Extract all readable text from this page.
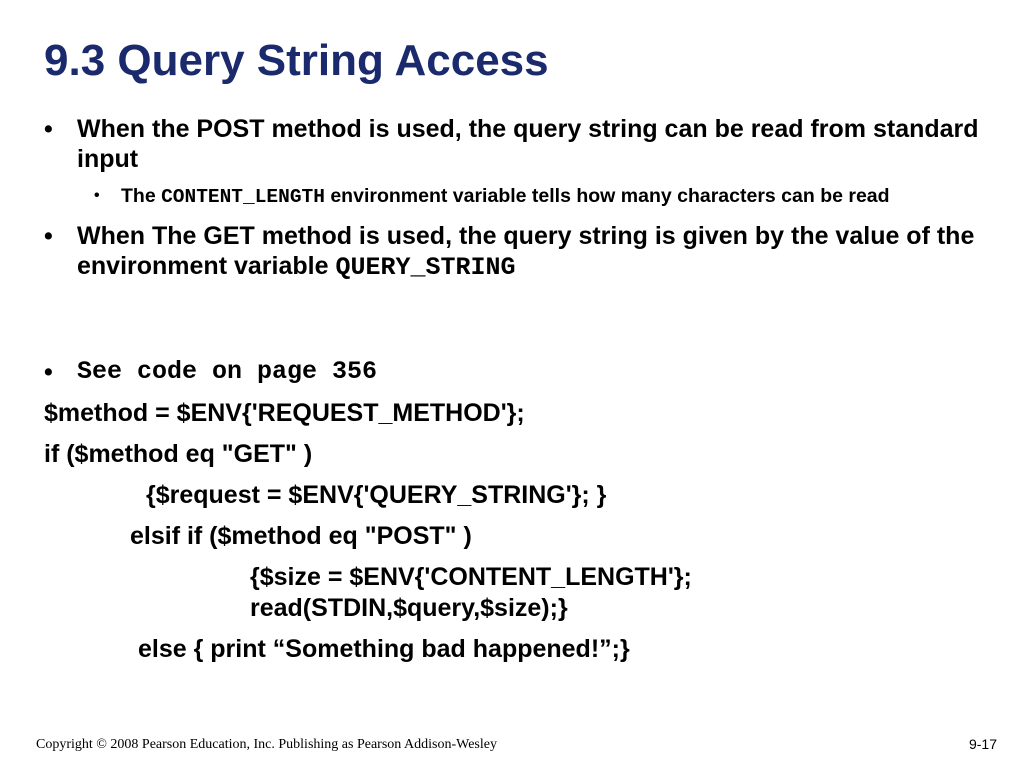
9.3 Query String Access
• When the POST method is used, the query string can be read from standard input
•	The CONTENT_LENGTH environment variable tells how many characters can be read
• When The GET method is used, the query string is given by the value of the environment variable QUERY_STRING
• See code on page 356
$method = $ENV{'REQUEST_METHOD'};
if ($method eq "GET" )
{$request = $ENV{'QUERY_STRING'}; }
elsif if ($method eq "POST" )
{$size = $ENV{'CONTENT_LENGTH'};
read(STDIN,$query,$size);}
else { print “Something bad happened!”;}
Copyright © 2008 Pearson Education, Inc. Publishing as Pearson Addison-Wesley	9-17
